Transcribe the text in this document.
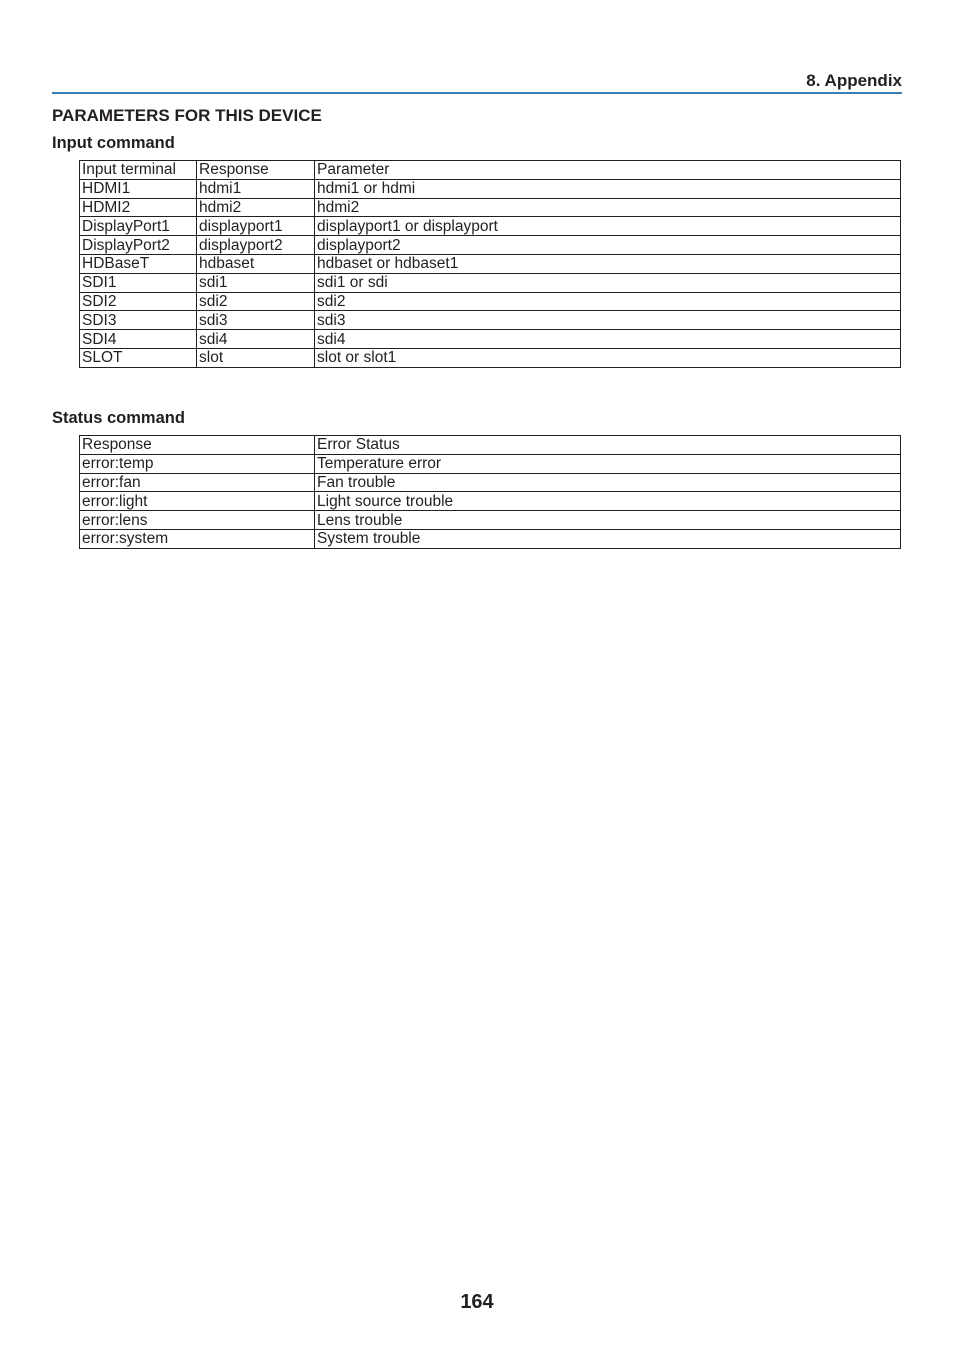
8. Appendix
PARAMETERS FOR THIS DEVICE
Input command
Input terminal	Response	Parameter
HDMI1	hdmi1	hdmi1 or hdmi
HDMI2	hdmi2	hdmi2
DisplayPort1	displayport1	displayport1 or displayport
DisplayPort2	displayport2	displayport2
HDBaseT	hdbaset	hdbaset or hdbaset1
SDI1	sdi1	sdi1 or sdi
SDI2	sdi2	sdi2
SDI3	sdi3	sdi3
SDI4	sdi4	sdi4
SLOT	slot	slot or slot1
Status command
Response	Error Status
error:temp	Temperature error
error:fan	Fan trouble
error:light	Light source trouble
error:lens	Lens trouble
error:system	System trouble
164
